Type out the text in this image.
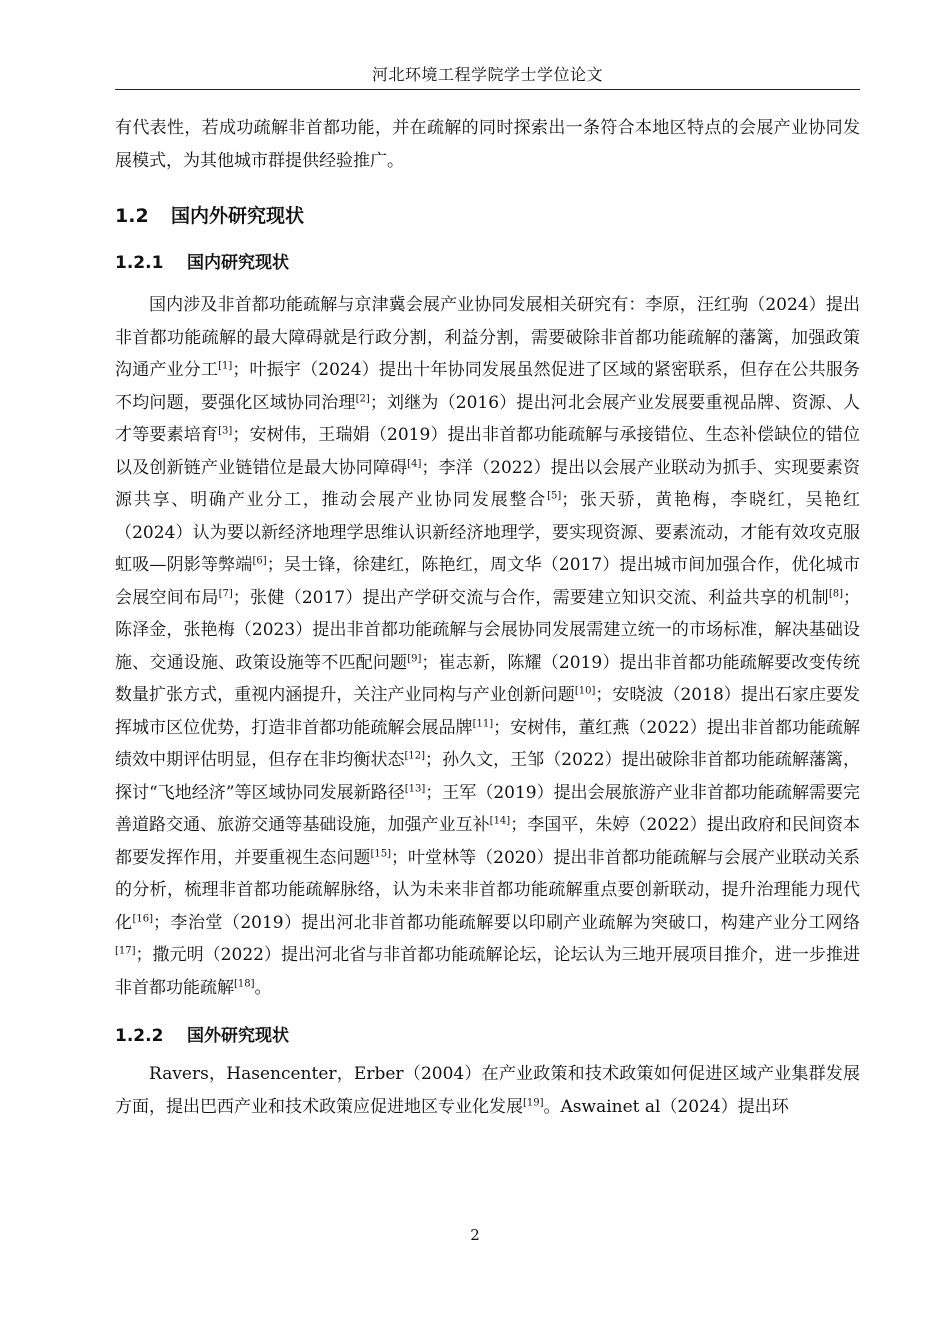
河北环境工程学院学士学位论文

有代表性，若成功疏解非首都功能，并在疏解的同时探索出一条符合本地区特点的会展产业协同发展模式，为其他城市群提供经验推广。

1.2 国内外研究现状
1.2.1 国内研究现状

国内涉及非首都功能疏解与京津冀会展产业协同发展相关研究有：李原，汪红驹（2024）提出非首都功能疏解的最大障碍就是行政分割，利益分割，需要破除非首都功能疏解的藩篱，加强政策沟通产业分工[1]；叶振宇（2024）提出十年协同发展虽然促进了区域的紧密联系，但存在公共服务不均问题，要强化区域协同治理[2]；刘继为（2016）提出河北会展产业发展要重视品牌、资源、人才等要素培育[3]；安树伟，王瑞娟（2019）提出非首都功能疏解与承接错位、生态补偿缺位的错位以及创新链产业链错位是最大协同障碍[4]；李洋（2022）提出以会展产业联动为抓手、实现要素资源共享、明确产业分工，推动会展产业协同发展整合[5]；张天骄，黄艳梅，李晓红，吴艳红（2024）认为要以新经济地理学思维认识新经济地理学，要实现资源、要素流动，才能有效攻克服虹吸—阴影等弊端[6]；吴士锋，徐建红，陈艳红，周文华（2017）提出城市间加强合作，优化城市会展空间布局[7]；张健（2017）提出产学研交流与合作，需要建立知识交流、利益共享的机制[8]；陈泽金，张艳梅（2023）提出非首都功能疏解与会展协同发展需建立统一的市场标准，解决基础设施、交通设施、政策设施等不匹配问题[9]；崔志新，陈耀（2019）提出非首都功能疏解要改变传统数量扩张方式，重视内涵提升，关注产业同构与产业创新问题[10]；安晓波（2018）提出石家庄要发挥城市区位优势，打造非首都功能疏解会展品牌[11]；安树伟，董红燕（2022）提出非首都功能疏解绩效中期评估明显，但存在非均衡状态[12]；孙久文，王邹（2022）提出破除非首都功能疏解藩篱，探讨“飞地经济”等区域协同发展新路径[13]；王军（2019）提出会展旅游产业非首都功能疏解需要完善道路交通、旅游交通等基础设施，加强产业互补[14]；李国平，朱婷（2022）提出政府和民间资本都要发挥作用，并要重视生态问题[15]；叶堂林等（2020）提出非首都功能疏解与会展产业联动关系的分析，梳理非首都功能疏解脉络，认为未来非首都功能疏解重点要创新联动，提升治理能力现代化[16]；李治堂（2019）提出河北非首都功能疏解要以印刷产业疏解为突破口，构建产业分工网络[17]；撒元明（2022）提出河北省与非首都功能疏解论坛，论坛认为三地开展项目推介，进一步推进非首都功能疏解[18]。

1.2.2 国外研究现状

Ravers，Hasencenter，Erber（2004）在产业政策和技术政策如何促进区域产业集群发展方面，提出巴西产业和技术政策应促进地区专业化发展[19]。Aswainet al（2024）提出环

2
